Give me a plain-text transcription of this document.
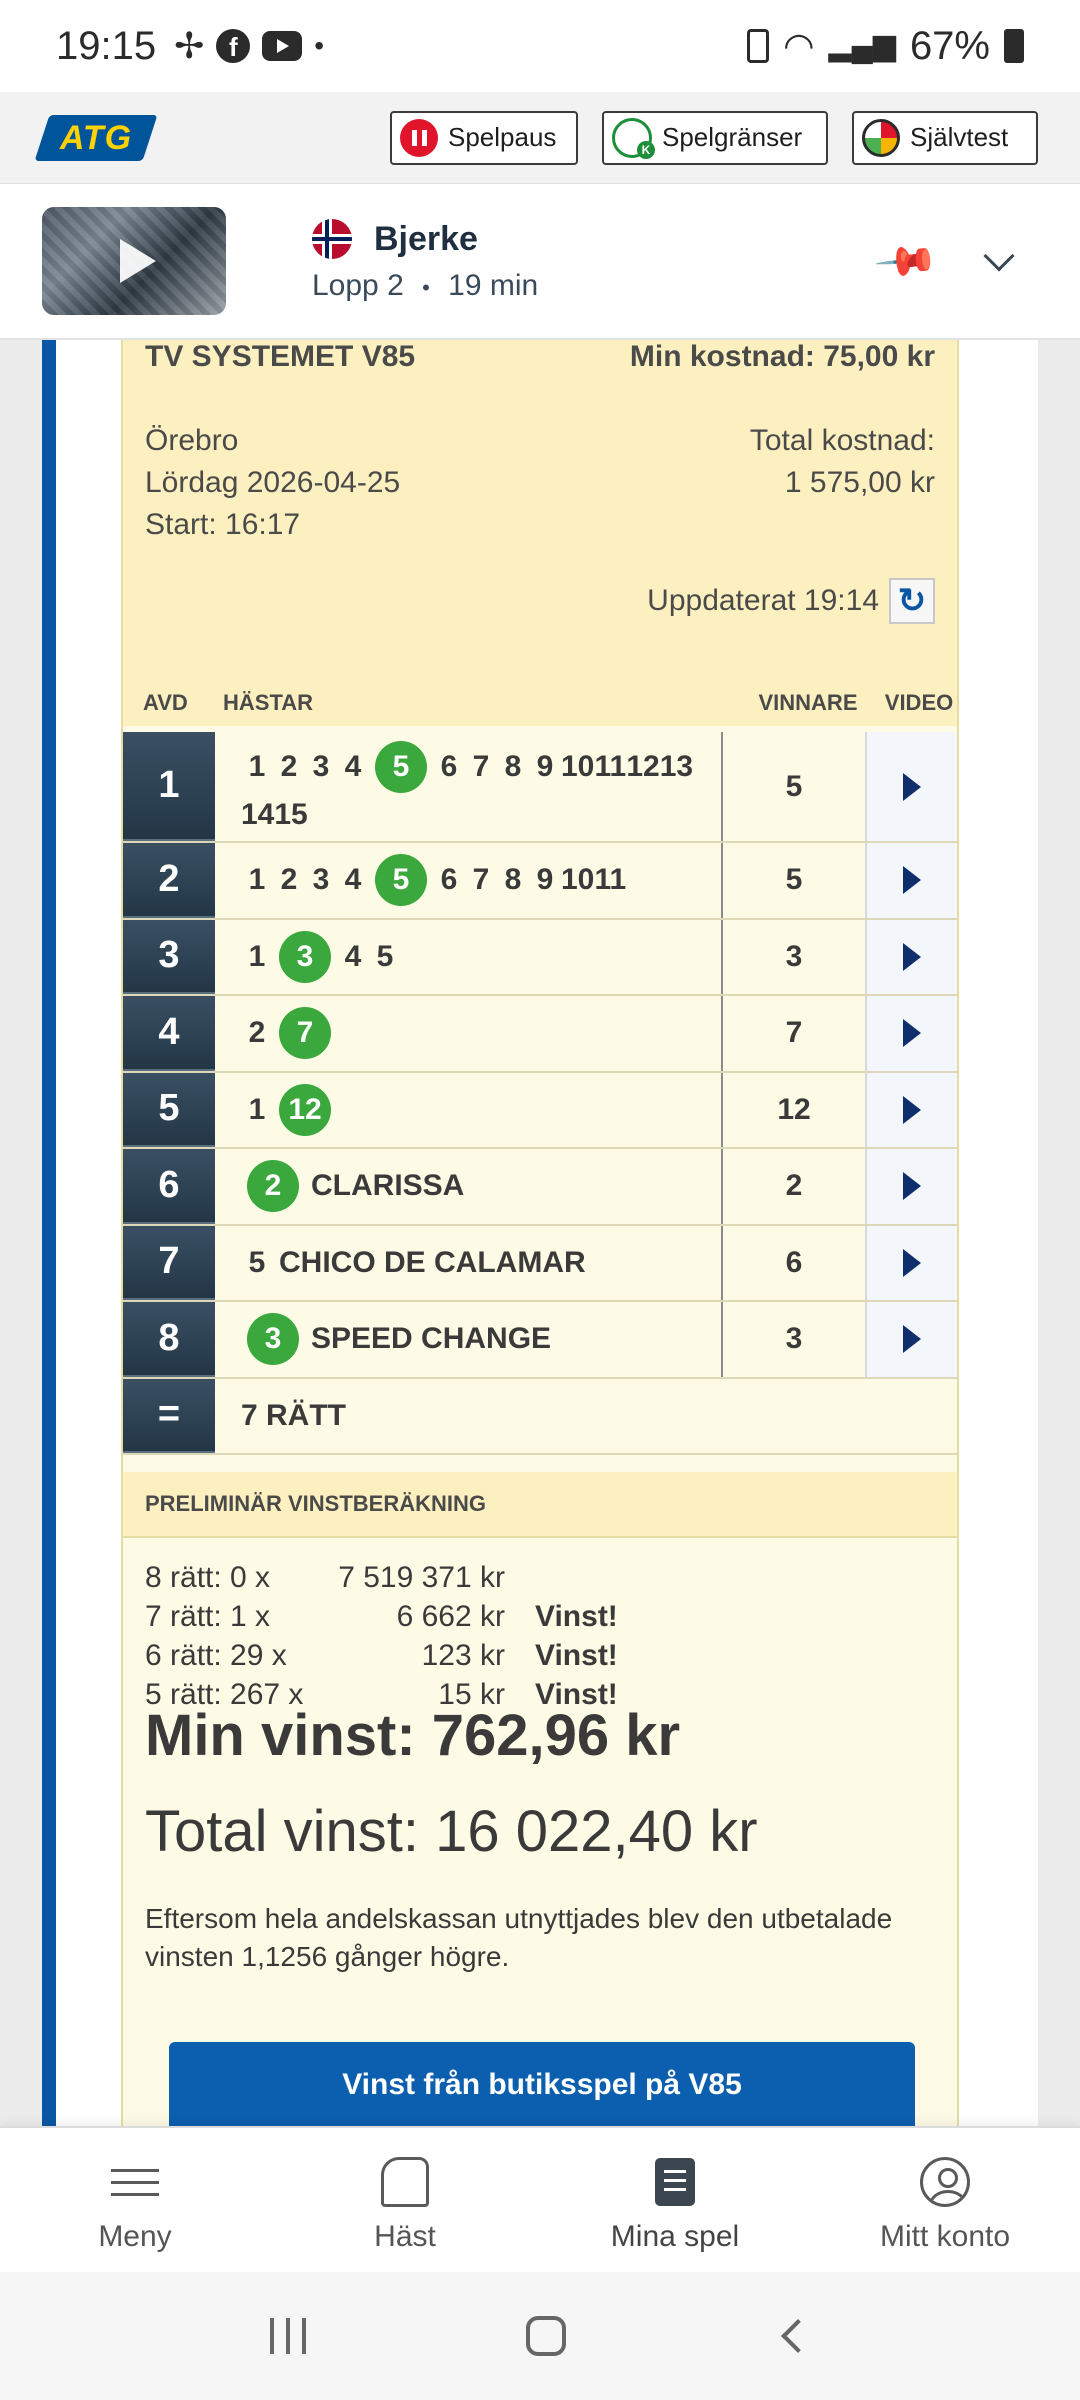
19:15 ✢ f	•	◠ ▂▄▆ 67%
ATG	Spelpaus
K	Spelgränser	Självtest
Bjerke
Lopp 2 • 19 min	📌
TV SYSTEMET V85	Min kostnad: 75,00 kr
Örebro
Lördag 2026-04-25
Start: 16:17
Total kostnad:
1 575,00 kr
Uppdaterat 19:14 ↻
AVD	HÄSTAR	VINNARE	VIDEO
1	1 2 3 4	5	6 7 8 9 10 11 12 13
14 15
5
2	1 2 3 4	5	6 7 8 9 10 11	5
3	1	3	4 5	3
4	2	7	7
5	1 12	12
6	2 CLARISSA	2
7	5 CHICO DE CALAMAR	6
8	3 SPEED CHANGE	3
=	7 RÄTT
PRELIMINÄR VINSTBERÄKNING
8 rätt: 0 x	7 519 371 kr
7 rätt: 1 x	6 662 kr	Vinst!
6 rätt: 29 x	123 kr	Vinst!
5 rätt: 267 x	15 kr	Vinst!
Min vinst: 762,96 kr
Total vinst: 16 022,40 kr
Eftersom hela andelskassan utnyttjades blev den utbetalade vinsten 1,1256 gånger högre.
Vinst från butiksspel på V85
Meny	Häst	Mina spel	Mitt konto
